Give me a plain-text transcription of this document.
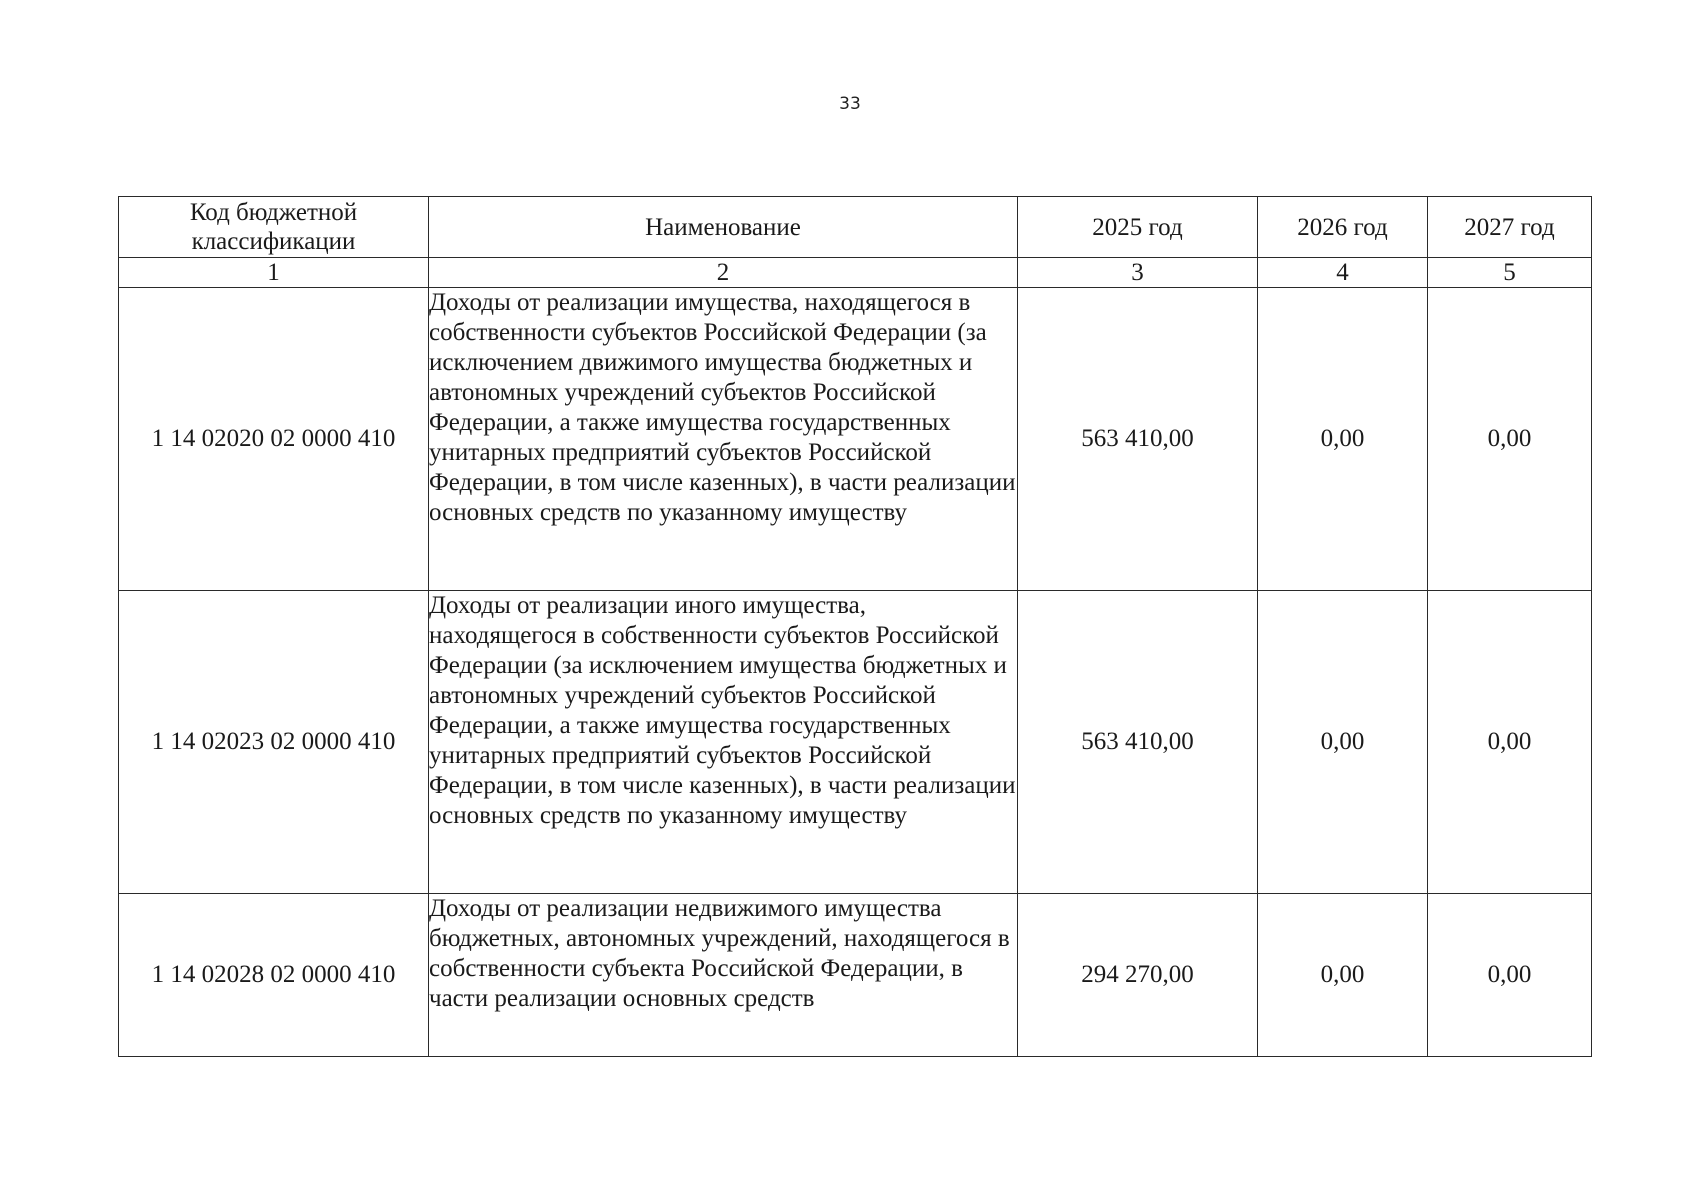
33
Код бюджетной классификации	Наименование	2025 год	2026 год	2027 год
1	2	3	4	5
1 14 02020 02 0000 410	Доходы от реализации имущества, находящегося в собственности субъектов Российской Федерации (за исключением движимого имущества бюджетных и автономных учреждений субъектов Российской Федерации, а также имущества государственных унитарных предприятий субъектов Российской Федерации, в том числе казенных), в части реализации основных средств по указанному имуществу	563 410,00	0,00	0,00
1 14 02023 02 0000 410	Доходы от реализации иного имущества, находящегося в собственности субъектов Российской Федерации (за исключением имущества бюджетных и автономных учреждений субъектов Российской Федерации, а также имущества государственных унитарных предприятий субъектов Российской Федерации, в том числе казенных), в части реализации основных средств по указанному имуществу	563 410,00	0,00	0,00
1 14 02028 02 0000 410	Доходы от реализации недвижимого имущества бюджетных, автономных учреждений, находящегося в собственности субъекта Российской Федерации, в части реализации основных средств	294 270,00	0,00	0,00
